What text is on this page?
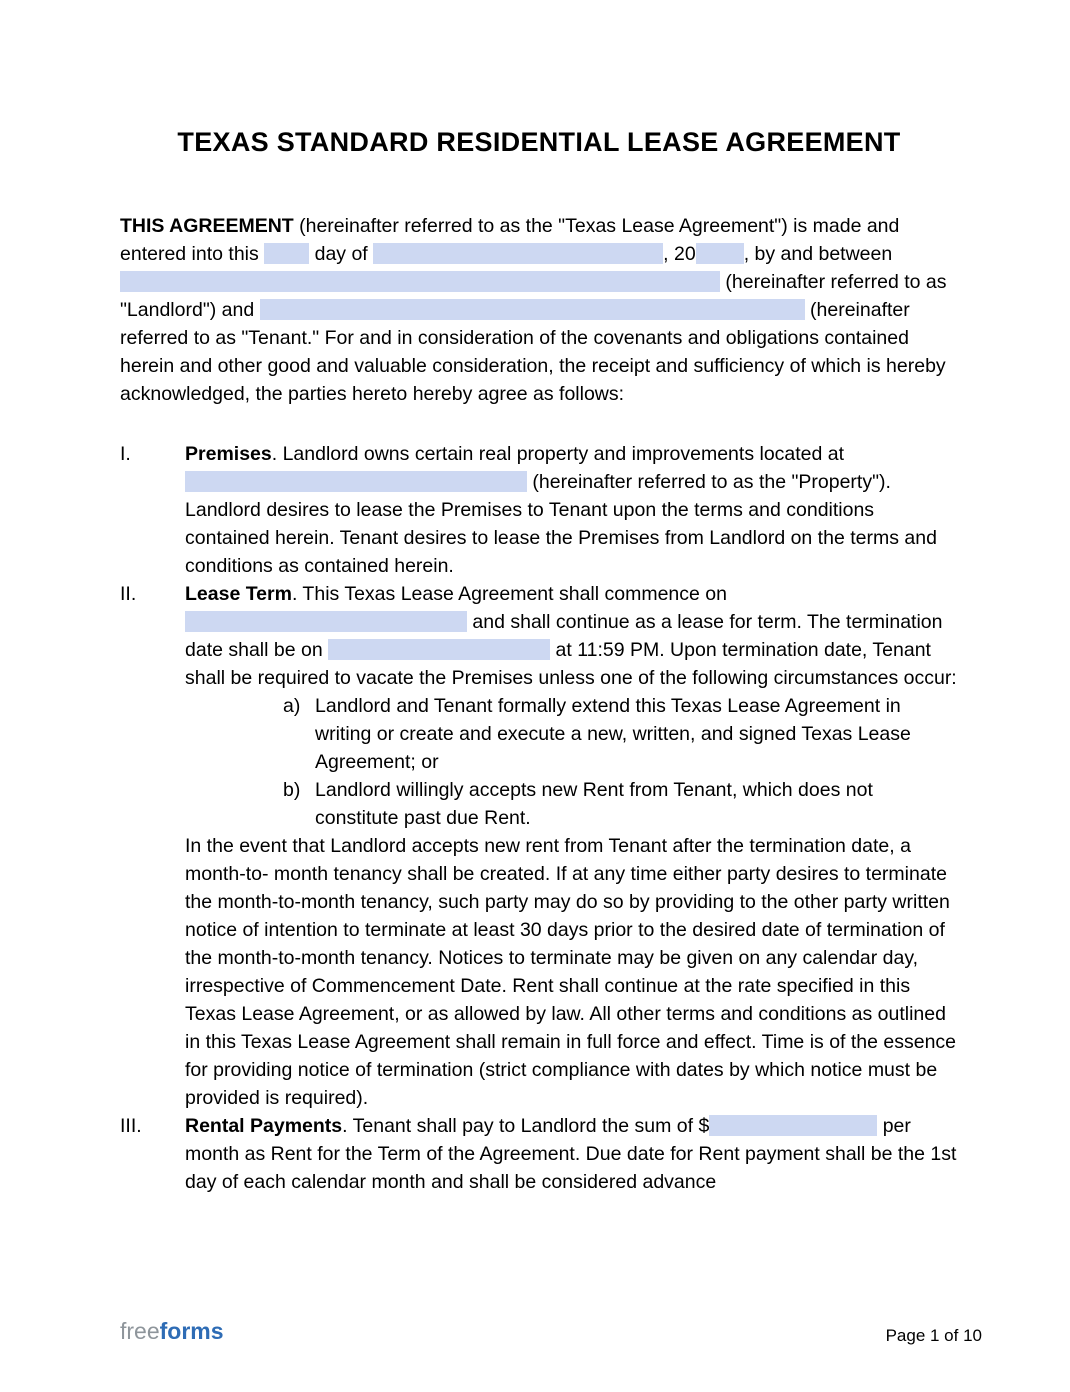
TEXAS STANDARD RESIDENTIAL LEASE AGREEMENT
THIS AGREEMENT (hereinafter referred to as the "Texas Lease Agreement") is made and entered into this  day of	, 20 , by and between  (hereinafter referred to as "Landlord") and	(hereinafter referred to as "Tenant." For and in consideration of the covenants and obligations contained herein and other good and valuable consideration, the receipt and sufficiency of which is hereby acknowledged, the parties hereto hereby agree as follows:
I.	Premises. Landlord owns certain real property and improvements located at  (hereinafter referred to as the "Property"). Landlord desires to lease the Premises to Tenant upon the terms and conditions contained herein. Tenant desires to lease the Premises from Landlord on the terms and conditions as contained herein.
II.	Lease Term. This Texas Lease Agreement shall commence on  and shall continue as a lease for term. The termination date shall be on	at 11:59 PM. Upon termination date, Tenant shall be required to vacate the Premises unless one of the following circumstances occur:
a) Landlord and Tenant formally extend this Texas Lease Agreement in writing or create and execute a new, written, and signed Texas Lease Agreement; or
b) Landlord willingly accepts new Rent from Tenant, which does not constitute past due Rent.
In the event that Landlord accepts new rent from Tenant after the termination date, a month-to- month tenancy shall be created. If at any time either party desires to terminate the month-to-month tenancy, such party may do so by providing to the other party written notice of intention to terminate at least 30 days prior to the desired date of termination of the month-to-month tenancy. Notices to terminate may be given on any calendar day, irrespective of Commencement Date. Rent shall continue at the rate specified in this Texas Lease Agreement, or as allowed by law. All other terms and conditions as outlined in this Texas Lease Agreement shall remain in full force and effect. Time is of the essence for providing notice of termination (strict compliance with dates by which notice must be provided is required).
III.	Rental Payments. Tenant shall pay to Landlord the sum of $	per month as Rent for the Term of the Agreement. Due date for Rent payment shall be the 1st day of each calendar month and shall be considered advance
freeforms	Page 1 of 10
